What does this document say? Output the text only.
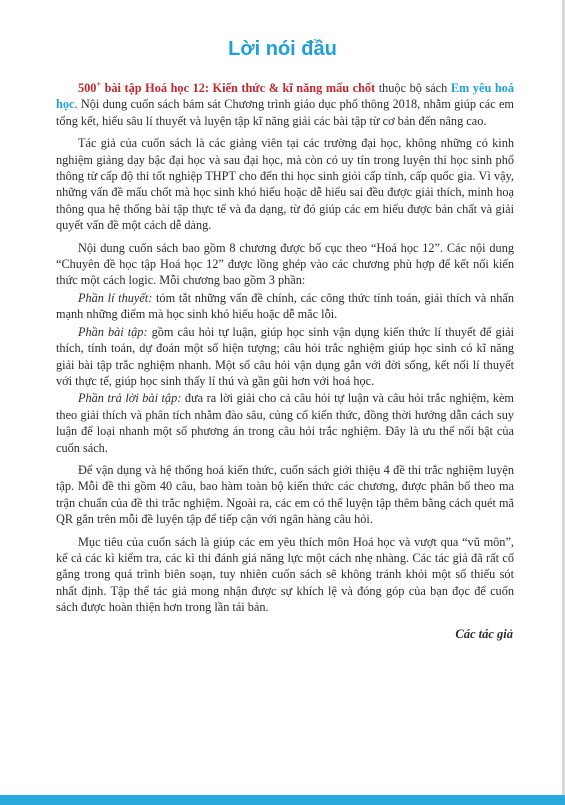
Lời nói đầu

500+ bài tập Hoá học 12: Kiến thức & kĩ năng mấu chốt thuộc bộ sách Em yêu hoá học. Nội dung cuốn sách bám sát Chương trình giáo dục phổ thông 2018, nhằm giúp các em tổng kết, hiểu sâu lí thuyết và luyện tập kĩ năng giải các bài tập từ cơ bản đến nâng cao.

Tác giả của cuốn sách là các giảng viên tại các trường đại học, không những có kinh nghiệm giảng dạy bậc đại học và sau đại học, mà còn có uy tín trong luyện thi học sinh phổ thông từ cấp độ thi tốt nghiệp THPT cho đến thi học sinh giỏi cấp tỉnh, cấp quốc gia. Vì vậy, những vấn đề mấu chốt mà học sinh khó hiểu hoặc dễ hiểu sai đều được giải thích, minh hoạ thông qua hệ thống bài tập thực tế và đa dạng, từ đó giúp các em hiểu được bản chất và giải quyết vấn đề một cách dễ dàng.

Nội dung cuốn sách bao gồm 8 chương được bố cục theo “Hoá học 12”. Các nội dung “Chuyên đề học tập Hoá học 12” được lồng ghép vào các chương phù hợp để kết nối kiến thức một cách logic. Mỗi chương bao gồm 3 phần:

Phần lí thuyết: tóm tắt những vấn đề chính, các công thức tính toán, giải thích và nhấn mạnh những điểm mà học sinh khó hiểu hoặc dễ mắc lỗi.

Phần bài tập: gồm câu hỏi tự luận, giúp học sinh vận dụng kiến thức lí thuyết để giải thích, tính toán, dự đoán một số hiện tượng; câu hỏi trắc nghiệm giúp học sinh có kĩ năng giải bài tập trắc nghiệm nhanh. Một số câu hỏi vận dụng gắn với đời sống, kết nối lí thuyết với thực tế, giúp học sinh thấy lí thú và gần gũi hơn với hoá học.

Phần trả lời bài tập: đưa ra lời giải cho cả câu hỏi tự luận và câu hỏi trắc nghiệm, kèm theo giải thích và phân tích nhằm đào sâu, củng cố kiến thức, đồng thời hướng dẫn cách suy luận để loại nhanh một số phương án trong câu hỏi trắc nghiệm. Đây là ưu thế nổi bật của cuốn sách.

Để vận dụng và hệ thống hoá kiến thức, cuốn sách giới thiệu 4 đề thi trắc nghiệm luyện tập. Mỗi đề thi gồm 40 câu, bao hàm toàn bộ kiến thức các chương, được phân bố theo ma trận chuẩn của đề thi trắc nghiệm. Ngoài ra, các em có thể luyện tập thêm bằng cách quét mã QR gắn trên mỗi đề luyện tập để tiếp cận với ngân hàng câu hỏi.

Mục tiêu của cuốn sách là giúp các em yêu thích môn Hoá học và vượt qua “vũ môn”, kể cả các kì kiểm tra, các kì thi đánh giá năng lực một cách nhẹ nhàng. Các tác giả đã rất cố gắng trong quá trình biên soạn, tuy nhiên cuốn sách sẽ không tránh khỏi một số thiếu sót nhất định. Tập thể tác giả mong nhận được sự khích lệ và đóng góp của bạn đọc để cuốn sách được hoàn thiện hơn trong lần tái bản.

Các tác giả
